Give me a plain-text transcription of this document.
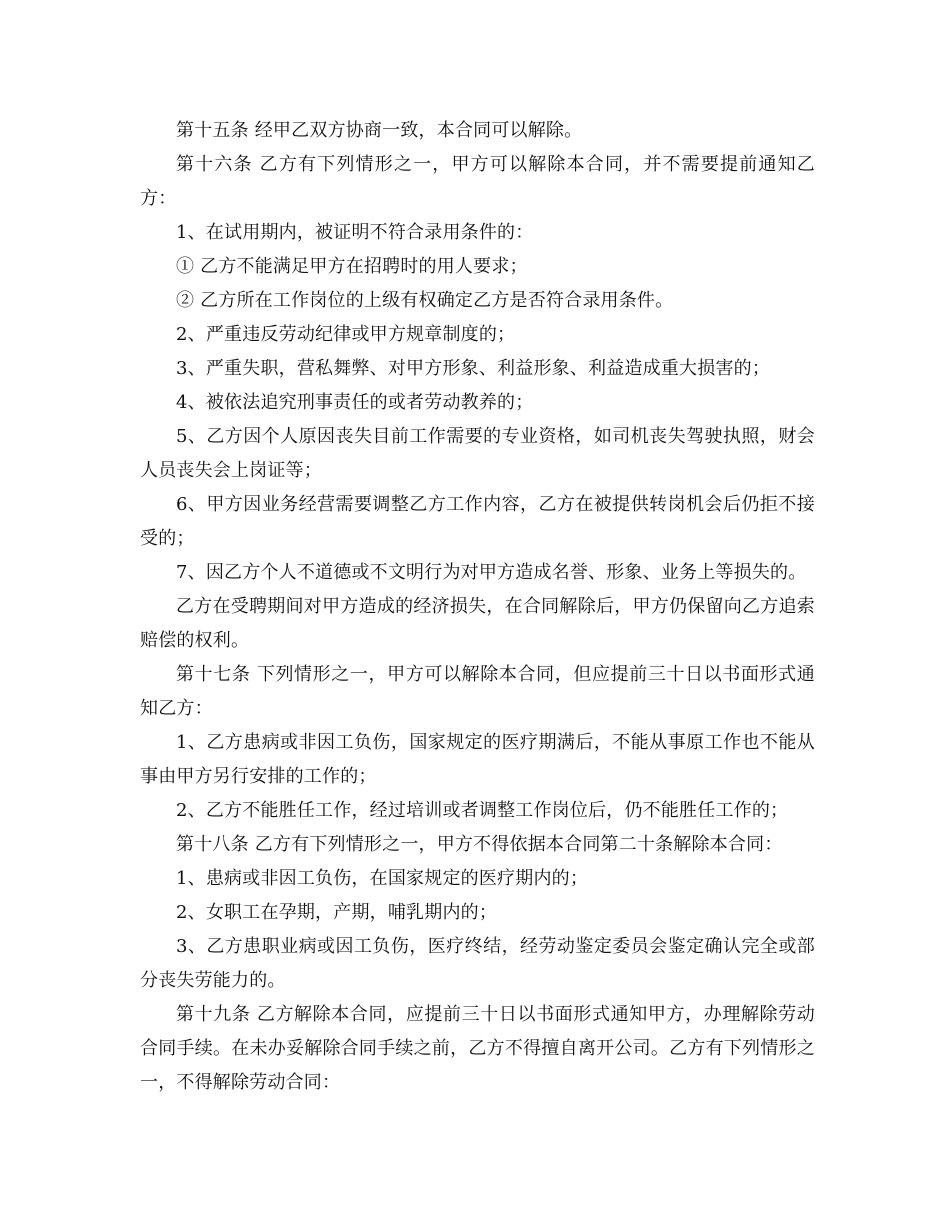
第十五条 经甲乙双方协商一致，本合同可以解除。

第十六条 乙方有下列情形之一，甲方可以解除本合同，并不需要提前通知乙方：

1、在试用期内，被证明不符合录用条件的：

① 乙方不能满足甲方在招聘时的用人要求；

② 乙方所在工作岗位的上级有权确定乙方是否符合录用条件。

2、严重违反劳动纪律或甲方规章制度的；

3、严重失职，营私舞弊、对甲方形象、利益形象、利益造成重大损害的；

4、被依法追究刑事责任的或者劳动教养的；

5、乙方因个人原因丧失目前工作需要的专业资格，如司机丧失驾驶执照，财会人员丧失会上岗证等；

6、甲方因业务经营需要调整乙方工作内容，乙方在被提供转岗机会后仍拒不接受的；

7、因乙方个人不道德或不文明行为对甲方造成名誉、形象、业务上等损失的。

乙方在受聘期间对甲方造成的经济损失，在合同解除后，甲方仍保留向乙方追索赔偿的权利。

第十七条 下列情形之一，甲方可以解除本合同，但应提前三十日以书面形式通知乙方：

1、乙方患病或非因工负伤，国家规定的医疗期满后，不能从事原工作也不能从事由甲方另行安排的工作的；

2、乙方不能胜任工作，经过培训或者调整工作岗位后，仍不能胜任工作的；

第十八条 乙方有下列情形之一，甲方不得依据本合同第二十条解除本合同：

1、患病或非因工负伤，在国家规定的医疗期内的；

2、女职工在孕期，产期，哺乳期内的；

3、乙方患职业病或因工负伤，医疗终结，经劳动鉴定委员会鉴定确认完全或部分丧失劳能力的。

第十九条 乙方解除本合同，应提前三十日以书面形式通知甲方，办理解除劳动合同手续。在未办妥解除合同手续之前，乙方不得擅自离开公司。乙方有下列情形之一，不得解除劳动合同：
